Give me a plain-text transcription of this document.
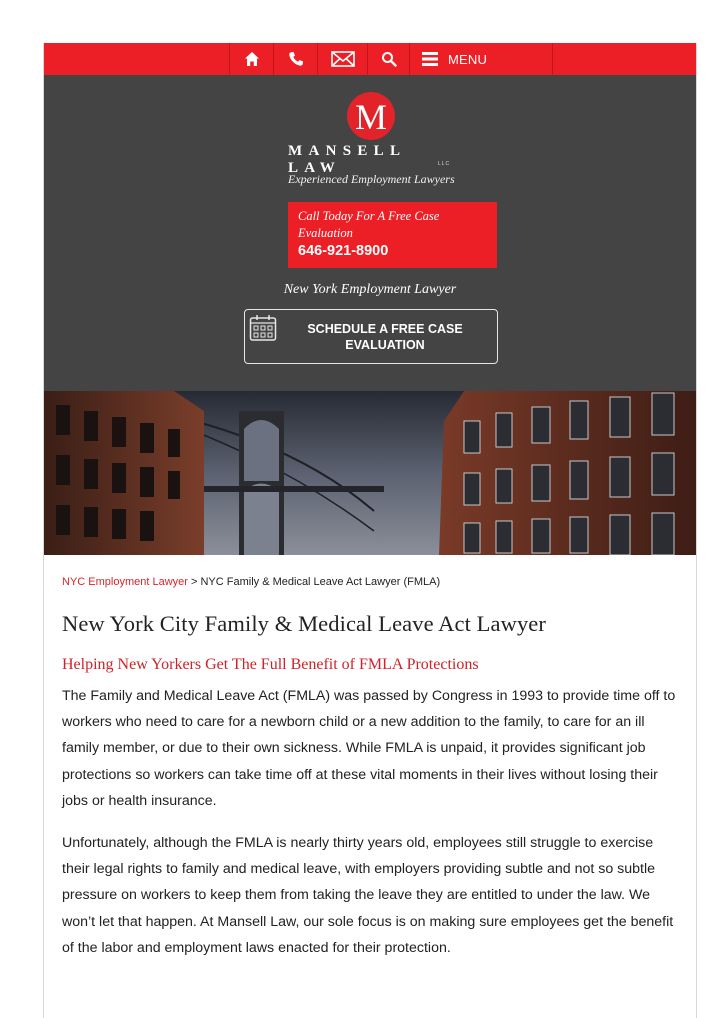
MENU
M
MANSELL LAW	LLC
Experienced Employment Lawyers
Call Today For A Free Case Evaluation
646-921-8900
New York Employment Lawyer
SCHEDULE A FREE CASE EVALUATION
NYC Employment Lawyer > NYC Family & Medical Leave Act Lawyer (FMLA)
New York City Family & Medical Leave Act Lawyer
Helping New Yorkers Get The Full Benefit of FMLA Protections

The Family and Medical Leave Act (FMLA) was passed by Congress in 1993 to provide time off to workers who need to care for a newborn child or a new addition to the family, to care for an ill family member, or due to their own sickness. While FMLA is unpaid, it provides significant job protections so workers can take time off at these vital moments in their lives without losing their jobs or health insurance.

Unfortunately, although the FMLA is nearly thirty years old, employees still struggle to exercise their legal rights to family and medical leave, with employers providing subtle and not so subtle pressure on workers to keep them from taking the leave they are entitled to under the law. We won’t let that happen. At Mansell Law, our sole focus is on making sure employees get the benefit of the labor and employment laws enacted for their protection.
